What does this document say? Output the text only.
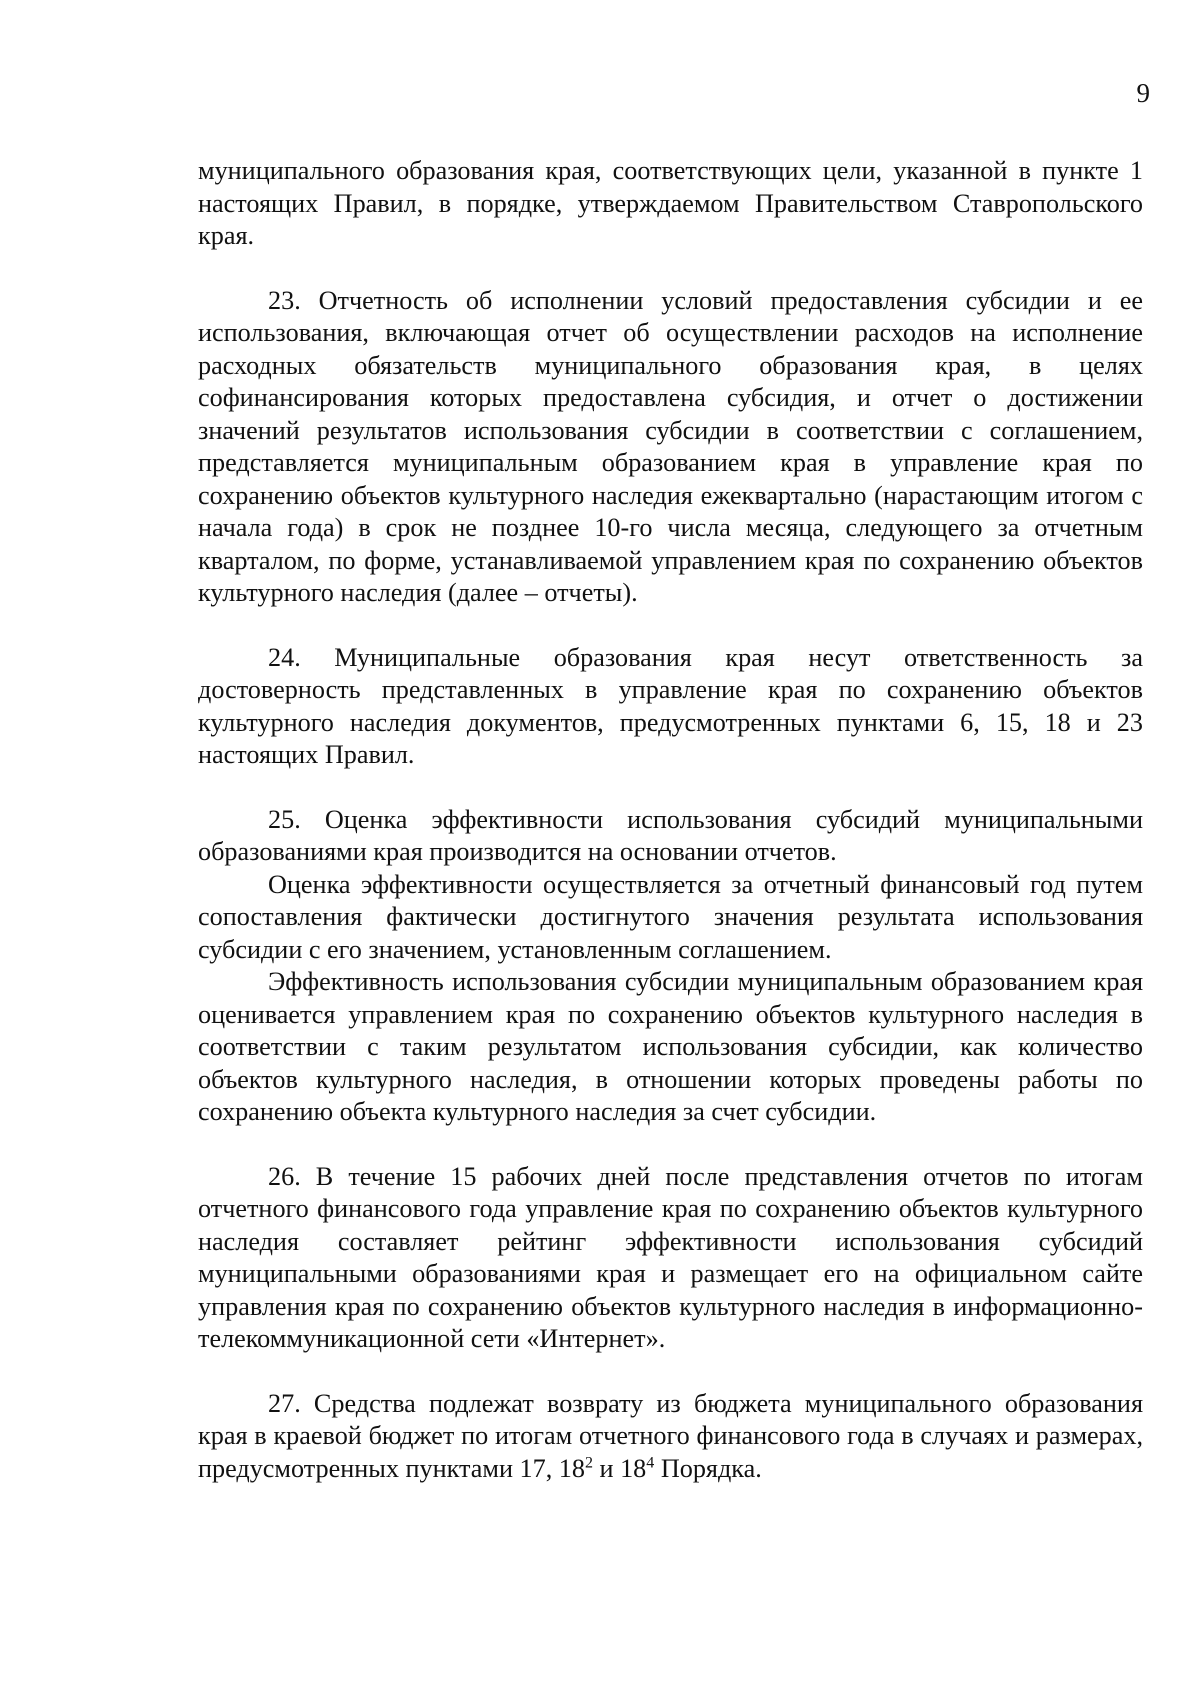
9

муниципального образования края, соответствующих цели, указанной в пункте 1 настоящих Правил, в порядке, утверждаемом Правительством Ставропольского края.

23. Отчетность об исполнении условий предоставления субсидии и ее использования, включающая отчет об осуществлении расходов на исполнение расходных обязательств муниципального образования края, в целях софинансирования которых предоставлена субсидия, и отчет о достижении значений результатов использования субсидии в соответствии с соглашением, представляется муниципальным образованием края в управление края по сохранению объектов культурного наследия ежеквартально (нарастающим итогом с начала года) в срок не позднее 10-го числа месяца, следующего за отчетным кварталом, по форме, устанавливаемой управлением края по сохранению объектов культурного наследия (далее – отчеты).

24. Муниципальные образования края несут ответственность за достоверность представленных в управление края по сохранению объектов культурного наследия документов, предусмотренных пунктами 6, 15, 18 и 23 настоящих Правил.

25. Оценка эффективности использования субсидий муниципальными образованиями края производится на основании отчетов.

Оценка эффективности осуществляется за отчетный финансовый год путем сопоставления фактически достигнутого значения результата использования субсидии с его значением, установленным соглашением.

Эффективность использования субсидии муниципальным образованием края оценивается управлением края по сохранению объектов культурного наследия в соответствии с таким результатом использования субсидии, как количество объектов культурного наследия, в отношении которых проведены работы по сохранению объекта культурного наследия за счет субсидии.

26. В течение 15 рабочих дней после представления отчетов по итогам отчетного финансового года управление края по сохранению объектов культурного наследия составляет рейтинг эффективности использования субсидий муниципальными образованиями края и размещает его на официальном сайте управления края по сохранению объектов культурного наследия в информационно-телекоммуникационной сети «Интернет».

27. Средства подлежат возврату из бюджета муниципального образования края в краевой бюджет по итогам отчетного финансового года в случаях и размерах, предусмотренных пунктами 17, $18^2$ и $18^4$ Порядка.
